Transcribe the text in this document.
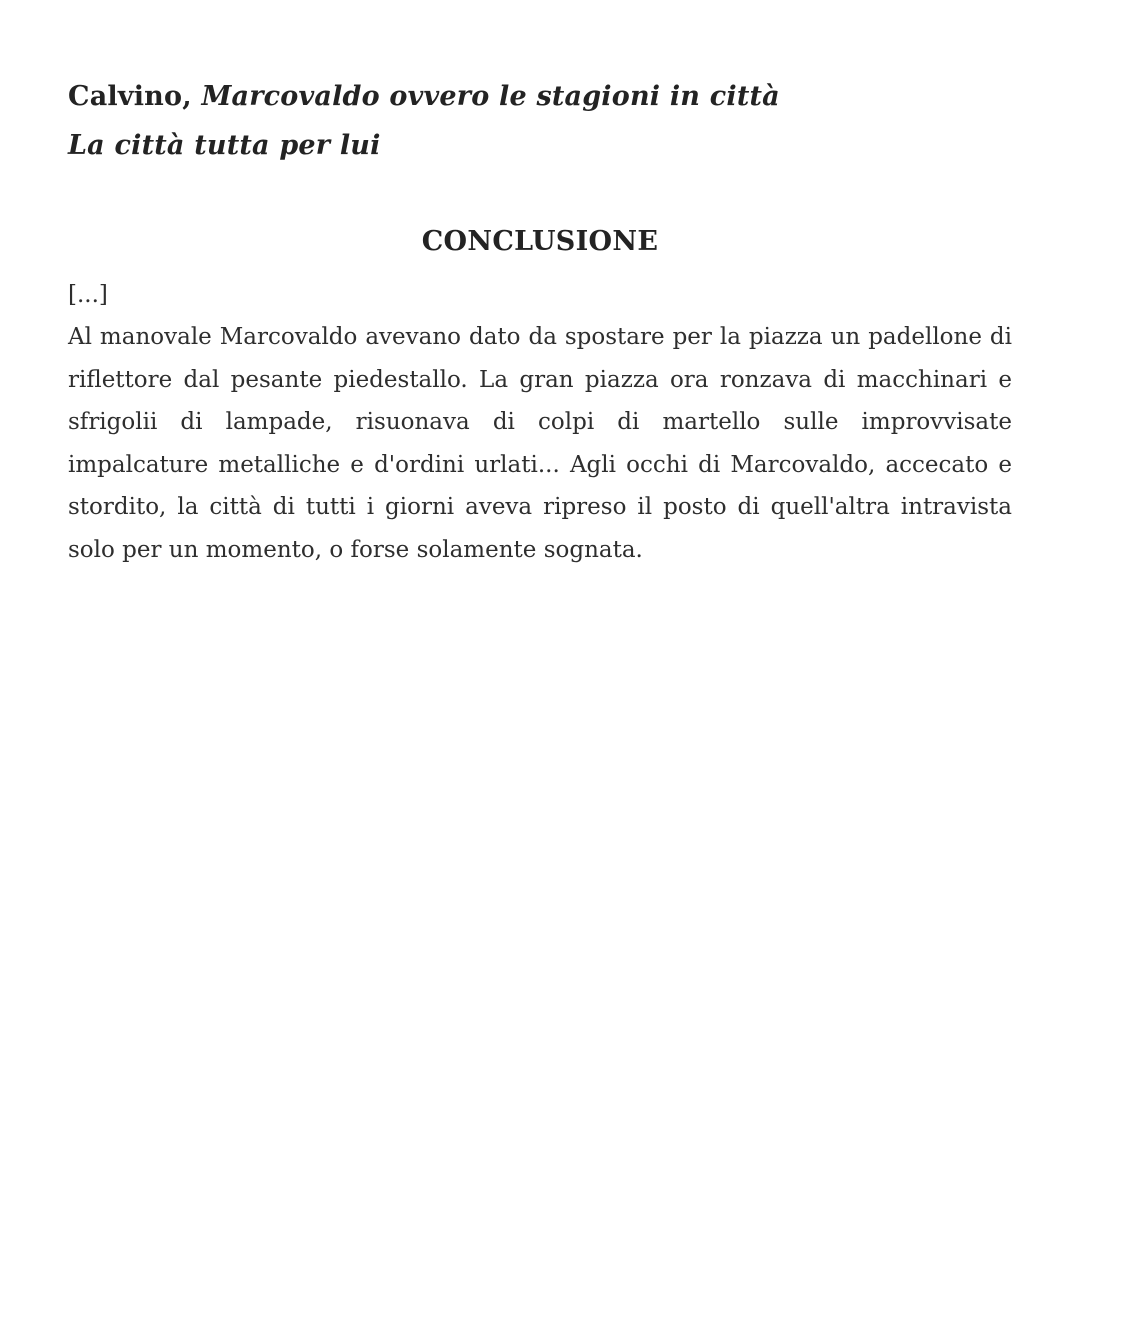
Calvino, Marcovaldo ovvero le stagioni in città
La città tutta per lui
CONCLUSIONE

[...]

Al manovale Marcovaldo avevano dato da spostare per la piazza un padellone di riflettore dal pesante piedestallo. La gran piazza ora ronzava di macchinari e sfrigolii di lampade, risuonava di colpi di martello sulle improvvisate impalcature metalliche e d'ordini urlati... Agli occhi di Marcovaldo, accecato e stordito, la città di tutti i giorni aveva ripreso il posto di quell'altra intravista solo per un momento, o forse solamente sognata.
